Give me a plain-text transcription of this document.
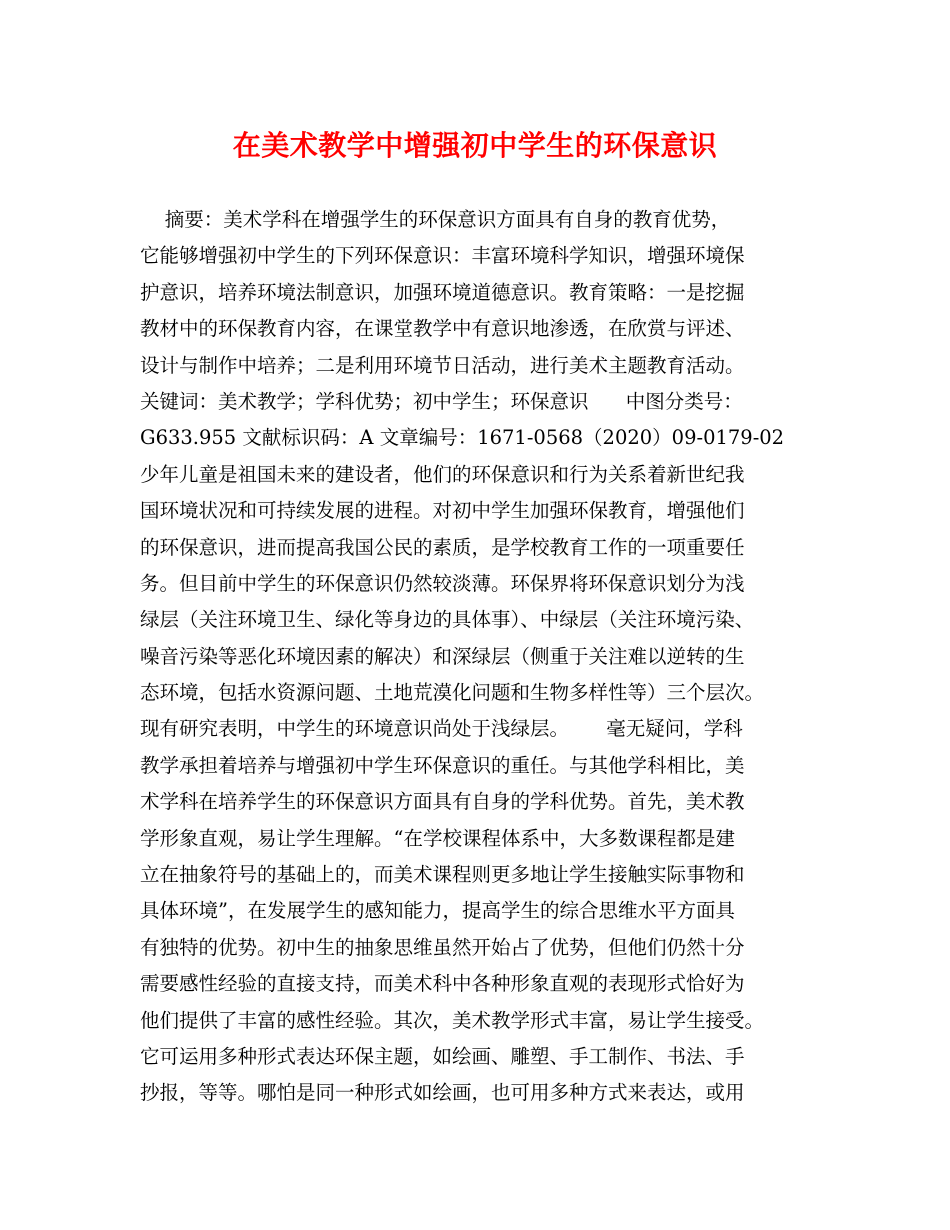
在美术教学中增强初中学生的环保意识
摘要：美术学科在增强学生的环保意识方面具有自身的教育优势，
它能够增强初中学生的下列环保意识：丰富环境科学知识，增强环境保
护意识，培养环境法制意识，加强环境道德意识。教育策略：一是挖掘
教材中的环保教育内容，在课堂教学中有意识地渗透，在欣赏与评述、
设计与制作中培养；二是利用环境节日活动，进行美术主题教育活动。
关键词：美术教学；学科优势；初中学生；环保意识      中图分类号：
G633.955 文献标识码：A 文章编号：1671-0568（2020）09-0179-02
少年儿童是祖国未来的建设者，他们的环保意识和行为关系着新世纪我
国环境状况和可持续发展的进程。对初中学生加强环保教育，增强他们
的环保意识，进而提高我国公民的素质，是学校教育工作的一项重要任
务。但目前中学生的环保意识仍然较淡薄。环保界将环保意识划分为浅
绿层（关注环境卫生、绿化等身边的具体事）、中绿层（关注环境污染、
噪音污染等恶化环境因素的解决）和深绿层（侧重于关注难以逆转的生
态环境，包括水资源问题、土地荒漠化问题和生物多样性等）三个层次。
现有研究表明，中学生的环境意识尚处于浅绿层。      毫无疑问，学科
教学承担着培养与增强初中学生环保意识的重任。与其他学科相比，美
术学科在培养学生的环保意识方面具有自身的学科优势。首先，美术教
学形象直观，易让学生理解。“在学校课程体系中，大多数课程都是建
立在抽象符号的基础上的，而美术课程则更多地让学生接触实际事物和
具体环境”，在发展学生的感知能力，提高学生的综合思维水平方面具
有独特的优势。初中生的抽象思维虽然开始占了优势，但他们仍然十分
需要感性经验的直接支持，而美术科中各种形象直观的表现形式恰好为
他们提供了丰富的感性经验。其次，美术教学形式丰富，易让学生接受。
它可运用多种形式表达环保主题，如绘画、雕塑、手工制作、书法、手
抄报，等等。哪怕是同一种形式如绘画，也可用多种方式来表达，或用
